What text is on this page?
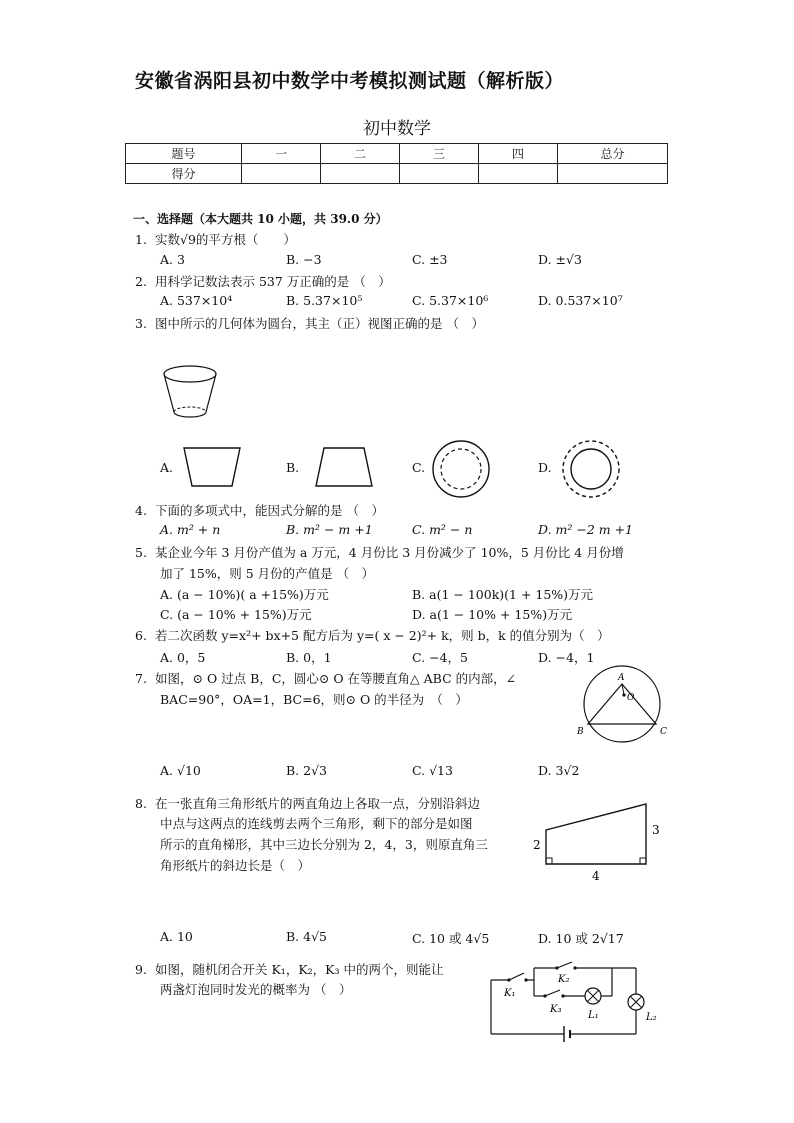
安徽省涡阳县初中数学中考模拟测试题（解析版）
初中数学
题号	一	二	三	四	总分
得分					
一、选择题（本大题共 10 小题，共 39.0 分）
1. 实数√9的平方根（　　）
A. 3	B. −3	C. ±3	D. ±√3
2. 用科学记数法表示 537 万正确的是 （　）
A. 537×10⁴	B. 5.37×10⁵	C. 5.37×10⁶	D. 0.537×10⁷
3. 图中所示的几何体为圆台，其主（正）视图正确的是 （　）
A.	B.	C.	D.
4. 下面的多项式中，能因式分解的是 （　）
A. m² + n	B. m² − m +1	C. m² − n	D. m² −2 m +1
5. 某企业今年 3 月份产值为 a 万元，4 月份比 3 月份减少了 10%，5 月份比 4 月份增
加了 15%，则 5 月份的产值是 （　）
A. (a − 10%)( a +15%)万元	B. a(1 − 100k)(1 + 15%)万元
C. (a − 10% + 15%)万元	D. a(1 − 10% + 15%)万元
6. 若二次函数 y=x²+ bx+5 配方后为 y=( x − 2)²+ k，则 b，k 的值分别为（　）
A. 0，5	B. 0，1	C. −4，5	D. −4，1
7. 如图，⊙ O 过点 B，C，圆心⊙ O 在等腰直角△ ABC 的内部，∠
BAC=90°，OA=1，BC=6，则⊙ O 的半径为　（　）
A
O
B	C
A. √10	B. 2√3	C. √13	D. 3√2
8. 在一张直角三角形纸片的两直角边上各取一点，分别沿斜边
中点与这两点的连线剪去两个三角形，剩下的部分是如图
所示的直角梯形，其中三边长分别为 2，4，3，则原直角三
角形纸片的斜边长是（　）
2
3
4
A. 10	B. 4√5	C. 10 或 4√5	D. 10 或 2√17
9. 如图，随机闭合开关 K₁，K₂，K₃ 中的两个，则能让
两盏灯泡同时发光的概率为 （　）	K₁
K₂
K₃
L₁	L₂
